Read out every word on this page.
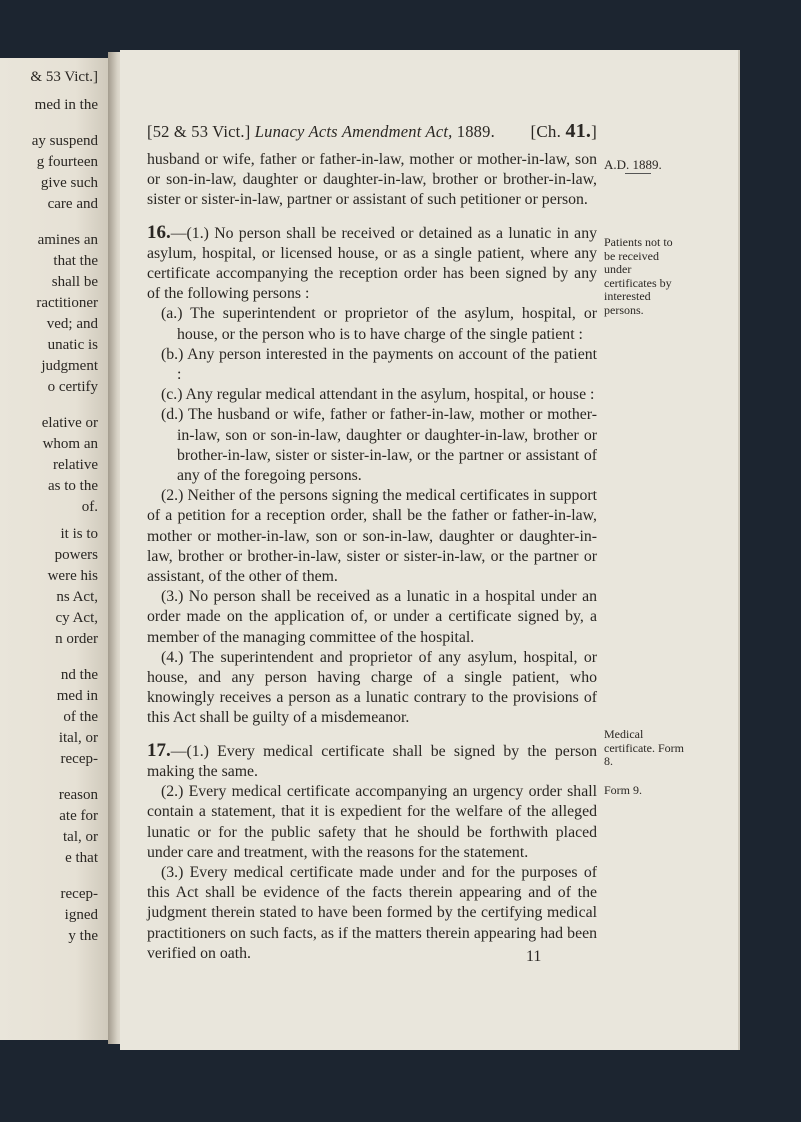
& 53 Vict.]
med in the
ay suspend
g fourteen
give such
care and
amines an
that the
shall be
ractitioner
ved; and
unatic is
judgment
o certify
elative or
whom an
relative
as to the
of.
it is to
powers
were his
ns Act,
cy Act,
n order
nd the
med in
of the
ital, or
recep-
reason
ate for
tal, or
e that
recep-
igned
y the
[52 & 53 Vict.] Lunacy Acts Amendment Act, 1889. [Ch. 41.]

husband or wife, father or father-in-law, mother or mother-in-law, son or son-in-law, daughter or daughter-in-law, brother or brother-in-law, sister or sister-in-law, partner or assistant of such petitioner or person.

16.—(1.) No person shall be received or detained as a lunatic in any asylum, hospital, or licensed house, or as a single patient, where any certificate accompanying the reception order has been signed by any of the following persons :

(a.) The superintendent or proprietor of the asylum, hospital, or house, or the person who is to have charge of the single patient :

(b.) Any person interested in the payments on account of the patient :

(c.) Any regular medical attendant in the asylum, hospital, or house :

(d.) The husband or wife, father or father-in-law, mother or mother-in-law, son or son-in-law, daughter or daughter-in-law, brother or brother-in-law, sister or sister-in-law, or the partner or assistant of any of the foregoing persons.

(2.) Neither of the persons signing the medical certificates in support of a petition for a reception order, shall be the father or father-in-law, mother or mother-in-law, son or son-in-law, daughter or daughter-in-law, brother or brother-in-law, sister or sister-in-law, or the partner or assistant, of the other of them.

(3.) No person shall be received as a lunatic in a hospital under an order made on the application of, or under a certificate signed by, a member of the managing committee of the hospital.

(4.) The superintendent and proprietor of any asylum, hospital, or house, and any person having charge of a single patient, who knowingly receives a person as a lunatic contrary to the provisions of this Act shall be guilty of a misdemeanor.

17.—(1.) Every medical certificate shall be signed by the person making the same.

(2.) Every medical certificate accompanying an urgency order shall contain a statement, that it is expedient for the welfare of the alleged lunatic or for the public safety that he should be forthwith placed under care and treatment, with the reasons for the statement.

(3.) Every medical certificate made under and for the purposes of this Act shall be evidence of the facts therein appearing and of the judgment therein stated to have been formed by the certifying medical practitioners on such facts, as if the matters therein appearing had been verified on oath.

A.D. 1889.
Patients not to be received under certificates by interested persons.
Medical certificate. Form 8.
Form 9.
11
